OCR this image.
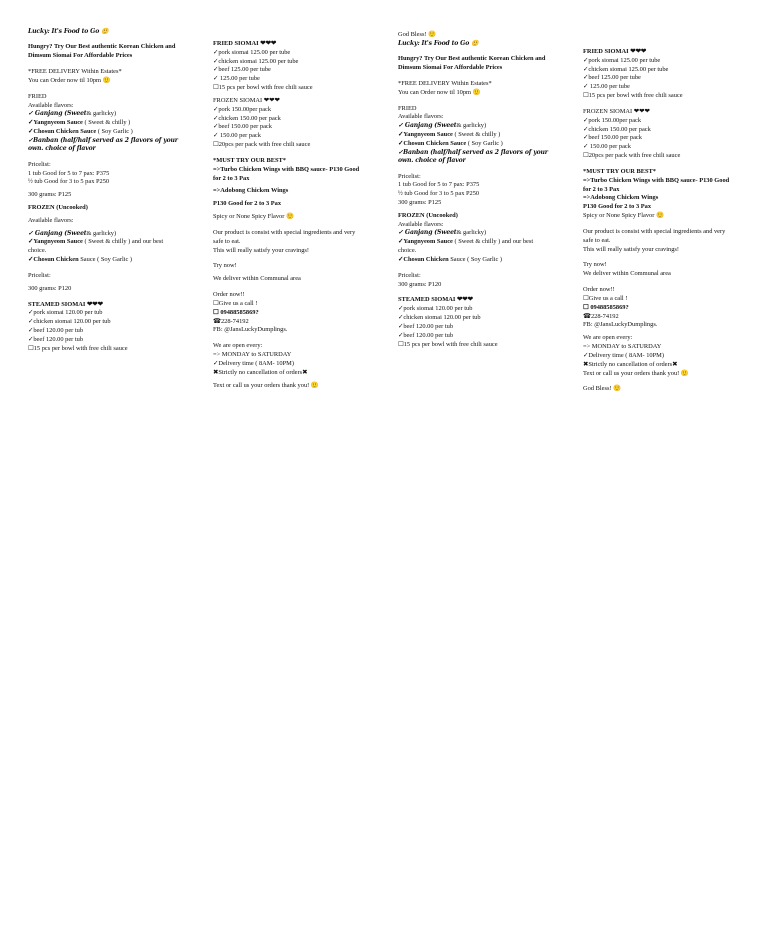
Lucky: It's Food to Go 🙂

Hungry? Try Our Best authentic Korean Chicken and Dimsum Siomai For Affordable Prices

*FREE DELIVERY Within Estates*

You can Order now til 10pm 🙂

FRIED

Available flavors:

✓ Ganjang (Sweet& garlicky)

✓Yangnyeom Sauce ( Sweet & chilly )

✓Chosun Chicken Sauce ( Soy Garlic )

✓Banban (half/half served as 2 flavors of your own. choice of flavor

Pricelist:

1 tub Good for 5 to 7 pax: P375

½ tub Good for 3 to 5 pax P250

300 grams: P125

FROZEN (Uncooked)

Available flavors:

✓ Ganjang (Sweet& garlicky)

✓Yangnyeom Sauce ( Sweet & chilly ) and our best choice.

✓Chosun Chicken Sauce ( Soy Garlic )

Pricelist:

300 grams: P120

STEAMED SIOMAI ❤❤❤

✓pork siomai 120.00 per tub

✓chicken siomai 120.00 per tub

✓beef 120.00 per tub

✓beef 120.00 per tub

☐15 pcs per bowl with free chili sauce

FRIED SIOMAI ❤❤❤

✓pork siomai 125.00 per tube

✓chicken siomai 125.00 per tube

✓beef 125.00 per tube

✓ 125.00 per tube

☐15 pcs per bowl with free chili sauce

FROZEN SIOMAI ❤❤❤

✓pork 150.00per pack

✓chicken 150.00 per pack

✓beef 150.00 per pack

✓ 150.00 per pack

☐20pcs per pack with free chili sauce

*MUST TRY OUR BEST*

=>Turbo Chicken Wings with BBQ sauce- P130 Good for 2 to 3 Pax

=>Adobong Chicken Wings

P130 Good for 2 to 3 Pax

Spicy or None Spicy Flavor 🙂

Our product is consist with special ingredients and very safe to eat.

This will really satisfy your cravings!

Try now!

We deliver within Communal area

Order now!!

☐Give us a call !

☐ 09488585869?

☎228-74192

FB: @JansLuckyDumplings.

We are open every:

=> MONDAY to SATURDAY

✓Delivery time ( 8AM- 10PM)

✖Strictly no cancellation of orders✖

Text or call us your orders thank you! 🙂

God Bless! 🙂

Lucky: It's Food to Go 🙂

Hungry? Try Our Best authentic Korean Chicken and Dimsum Siomai For Affordable Prices

*FREE DELIVERY Within Estates*

You can Order now til 10pm 🙂

FRIED

Available flavors:

✓ Ganjang (Sweet& garlicky)

✓Yangnyeom Sauce ( Sweet & chilly )

✓Chosun Chicken Sauce ( Soy Garlic )

✓Banban (half/half served as 2 flavors of your own. choice of flavor

Pricelist:

1 tub Good for 5 to 7 pax: P375

½ tub Good for 3 to 5 pax P250

300 grams: P125

FROZEN (Uncooked)

Available flavors:

✓ Ganjang (Sweet& garlicky)

✓Yangnyeom Sauce ( Sweet & chilly ) and our best choice.

✓Chosun Chicken Sauce ( Soy Garlic )

Pricelist:

300 grams: P120

STEAMED SIOMAI ❤❤❤

✓pork siomai 120.00 per tub

✓chicken siomai 120.00 per tub

✓beef 120.00 per tub

✓beef 120.00 per tub

☐15 pcs per bowl with free chili sauce

FRIED SIOMAI ❤❤❤

✓pork siomai 125.00 per tube

✓chicken siomai 125.00 per tube

✓beef 125.00 per tube

✓ 125.00 per tube

☐15 pcs per bowl with free chili sauce

FROZEN SIOMAI ❤❤❤

✓pork 150.00per pack

✓chicken 150.00 per pack

✓beef 150.00 per pack

✓ 150.00 per pack

☐20pcs per pack with free chili sauce

*MUST TRY OUR BEST*

=>Turbo Chicken Wings with BBQ sauce- P130 Good for 2 to 3 Pax

=>Adobong Chicken Wings

P130 Good for 2 to 3 Pax

Spicy or None Spicy Flavor 🙂

Our product is consist with special ingredients and very safe to eat.

This will really satisfy your cravings!

Try now!

We deliver within Communal area

Order now!!

☐Give us a call !

☐ 09488585869?

☎228-74192

FB: @JansLuckyDumplings.

We are open every:

=> MONDAY to SATURDAY

✓Delivery time ( 8AM- 10PM)

✖Strictly no cancellation of orders✖

Text or call us your orders thank you! 🙂

God Bless! 🙂
